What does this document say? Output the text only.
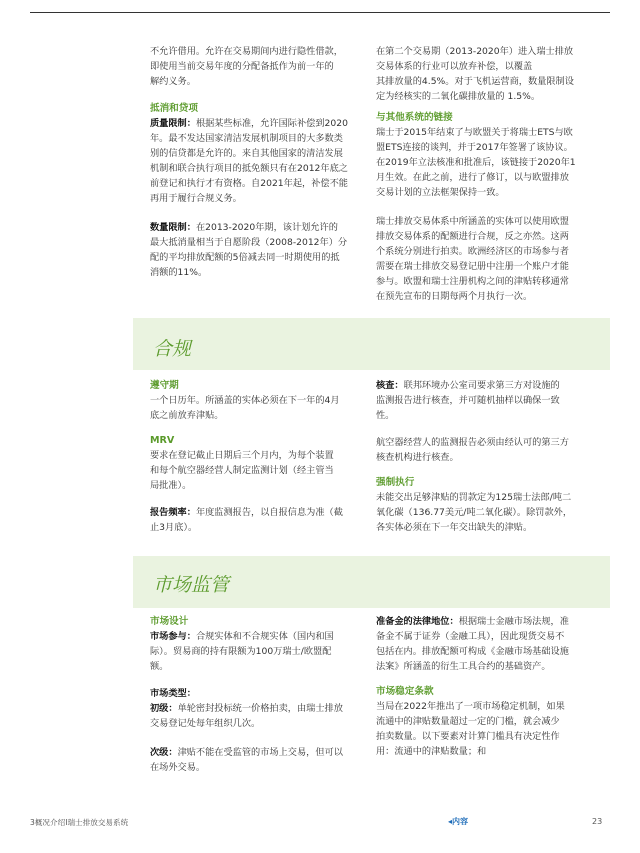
不允许借用。允许在交易期间内进行隐性借款，
即使用当前交易年度的分配备抵作为前一年的
解约义务。
抵消和贷项
质量限制：根据某些标准，允许国际补偿到2020
年。最不发达国家清洁发展机制项目的大多数类
别的信贷都是允许的。来自其他国家的清洁发展
机制和联合执行项目的抵免额只有在2012年底之
前登记和执行才有资格。自2021年起，补偿不能
再用于履行合规义务。
数量限制：在2013-2020年期，该计划允许的
最大抵消量相当于自愿阶段（2008-2012年）分
配的平均排放配额的5倍减去同一时期使用的抵
消额的11%。
在第二个交易期（2013-2020年）进入瑞士排放
交易体系的行业可以放弃补偿，以覆盖
其排放量的4.5%。对于飞机运营商，数量限制设
定为经核实的二氧化碳排放量的 1.5%。
与其他系统的链接
瑞士于2015年结束了与欧盟关于将瑞士ETS与欧
盟ETS连接的谈判，并于2017年签署了该协议。
在2019年立法核准和批准后，该链接于2020年1
月生效。在此之前，进行了修订，以与欧盟排放
交易计划的立法框架保持一致。
瑞士排放交易体系中所涵盖的实体可以使用欧盟
排放交易体系的配额进行合规，反之亦然。这两
个系统分别进行拍卖。欧洲经济区的市场参与者
需要在瑞士排放交易登记册中注册一个账户才能
参与。欧盟和瑞士注册机构之间的津贴转移通常
在预先宣布的日期每两个月执行一次。
合规
遵守期
一个日历年。所涵盖的实体必须在下一年的4月
底之前放弃津贴。
MRV
要求在登记截止日期后三个月内，为每个装置
和每个航空器经营人制定监测计划（经主管当
局批准）。
报告频率：年度监测报告，以自报信息为准（截
止3月底）。
核查：联邦环境办公室司要求第三方对设施的
监测报告进行核查，并可随机抽样以确保一致
性。
航空器经营人的监测报告必须由经认可的第三方
核查机构进行核查。
强制执行
未能交出足够津贴的罚款定为125瑞士法郎/吨二
氧化碳（136.77美元/吨二氧化碳）。除罚款外，
各实体必须在下一年交出缺失的津贴。
市场监管
市场设计
市场参与：合规实体和不合规实体（国内和国
际）。贸易商的持有限额为100万瑞士/欧盟配
额。
市场类型：
初级：单轮密封投标统一价格拍卖，由瑞士排放
交易登记处每年组织几次。
次级：津贴不能在受监管的市场上交易，但可以
在场外交易。
准备金的法律地位：根据瑞士金融市场法规，准
备金不属于证券（金融工具），因此现货交易不
包括在内。排放配额可构成《金融市场基础设施
法案》所涵盖的衍生工具合约的基础资产。
市场稳定条款
当局在2022年推出了一项市场稳定机制，如果
流通中的津贴数量超过一定的门槛，就会减少
拍卖数量。以下要素对计算门槛具有决定性作
用：流通中的津贴数量；和
3概况介绍I瑞士排放交易系统	◂内容	23
